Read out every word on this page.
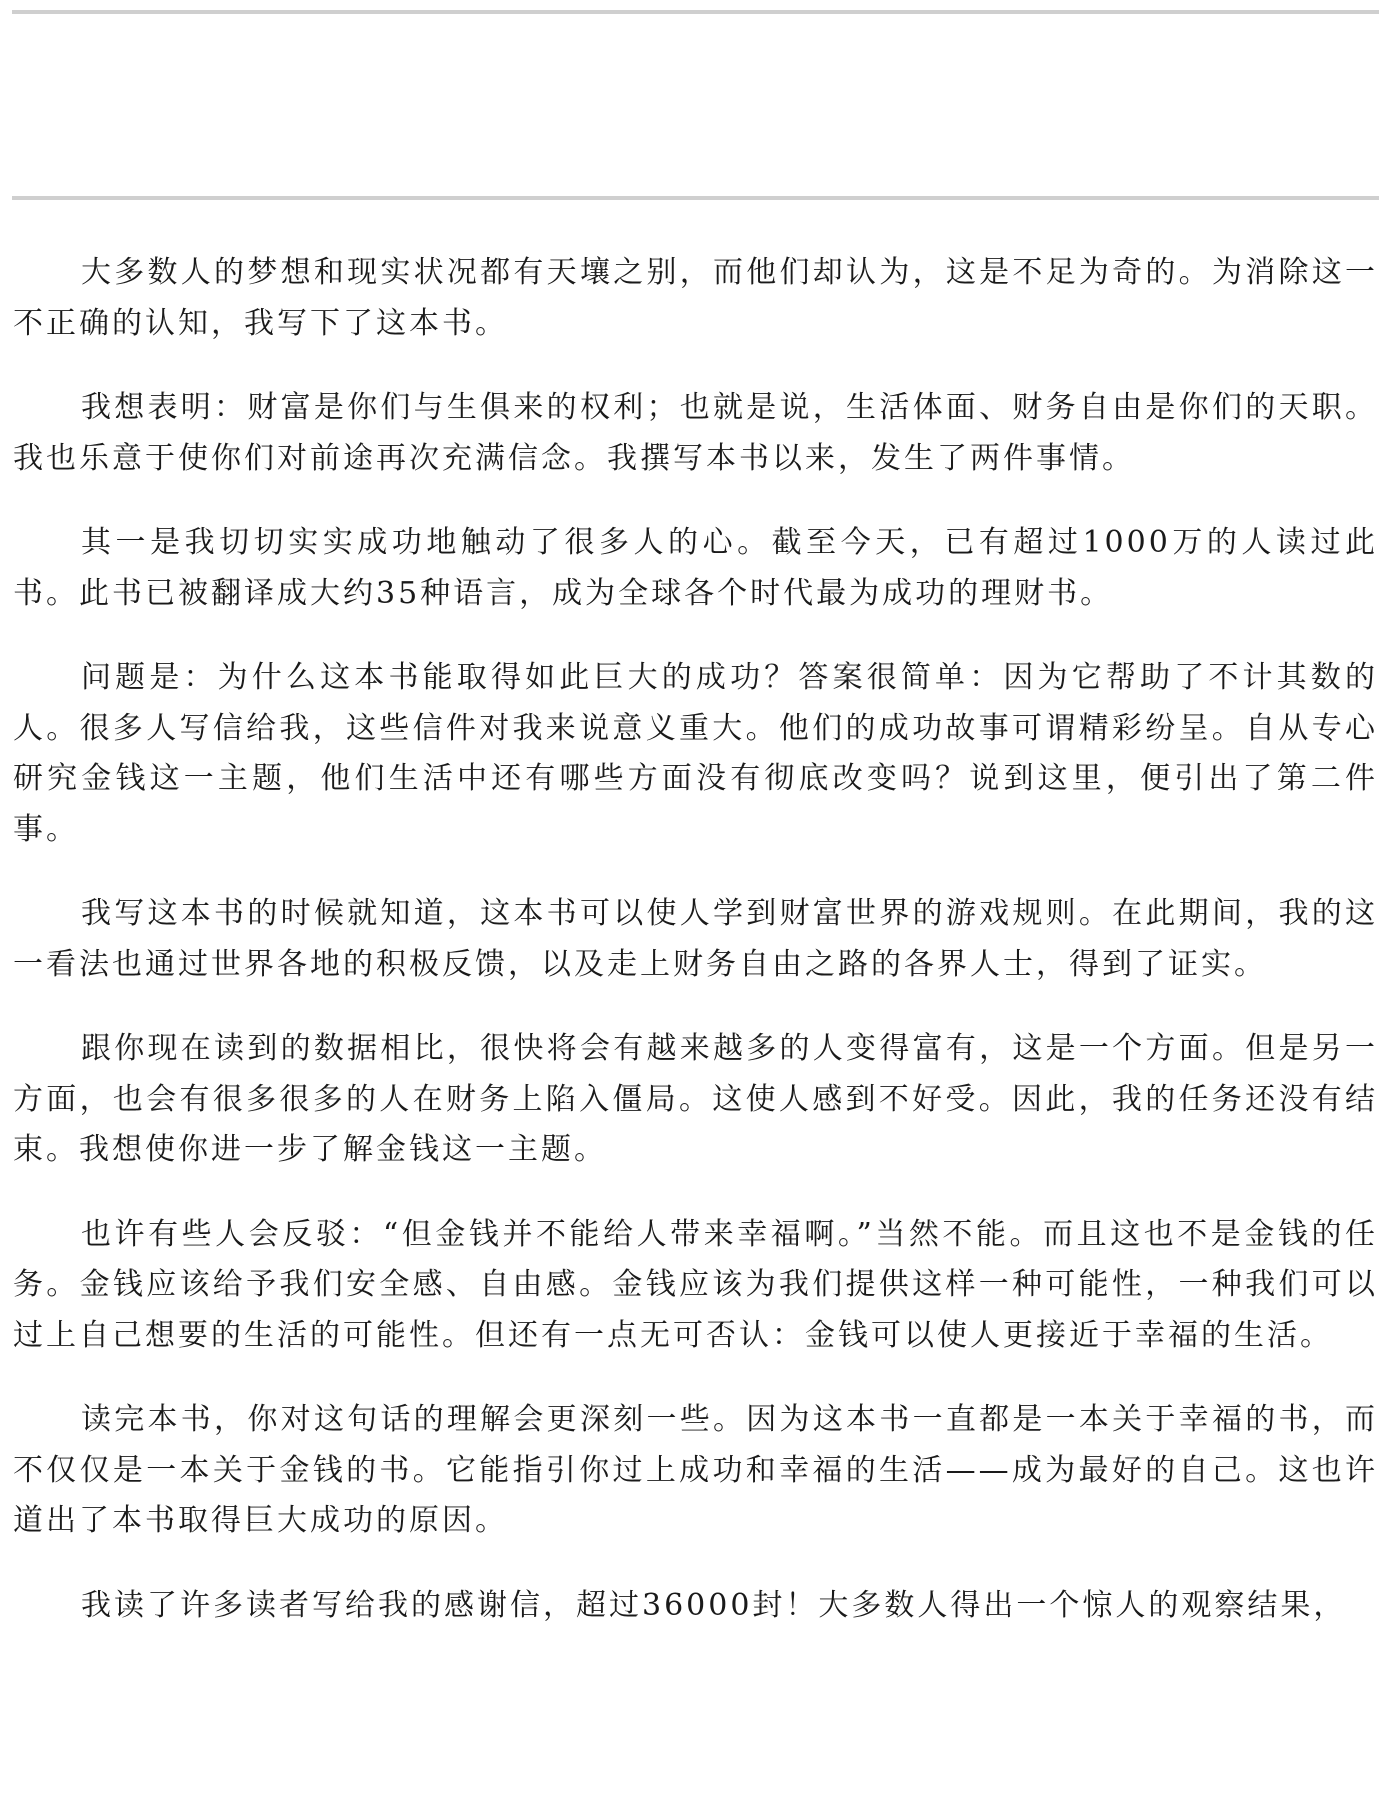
大多数人的梦想和现实状况都有天壤之别，而他们却认为，这是不足为奇的。为消除这一不正确的认知，我写下了这本书。

我想表明：财富是你们与生俱来的权利；也就是说，生活体面、财务自由是你们的天职。我也乐意于使你们对前途再次充满信念。我撰写本书以来，发生了两件事情。

其一是我切切实实成功地触动了很多人的心。截至今天，已有超过1000万的人读过此书。此书已被翻译成大约35种语言，成为全球各个时代最为成功的理财书。

问题是：为什么这本书能取得如此巨大的成功？答案很简单：因为它帮助了不计其数的人。很多人写信给我，这些信件对我来说意义重大。他们的成功故事可谓精彩纷呈。自从专心研究金钱这一主题，他们生活中还有哪些方面没有彻底改变吗？说到这里，便引出了第二件事。

我写这本书的时候就知道，这本书可以使人学到财富世界的游戏规则。在此期间，我的这一看法也通过世界各地的积极反馈，以及走上财务自由之路的各界人士，得到了证实。

跟你现在读到的数据相比，很快将会有越来越多的人变得富有，这是一个方面。但是另一方面，也会有很多很多的人在财务上陷入僵局。这使人感到不好受。因此，我的任务还没有结束。我想使你进一步了解金钱这一主题。

也许有些人会反驳：“但金钱并不能给人带来幸福啊。”当然不能。而且这也不是金钱的任务。金钱应该给予我们安全感、自由感。金钱应该为我们提供这样一种可能性，一种我们可以过上自己想要的生活的可能性。但还有一点无可否认：金钱可以使人更接近于幸福的生活。

读完本书，你对这句话的理解会更深刻一些。因为这本书一直都是一本关于幸福的书，而不仅仅是一本关于金钱的书。它能指引你过上成功和幸福的生活——成为最好的自己。这也许道出了本书取得巨大成功的原因。

我读了许多读者写给我的感谢信，超过36000封！大多数人得出一个惊人的观察结果，
